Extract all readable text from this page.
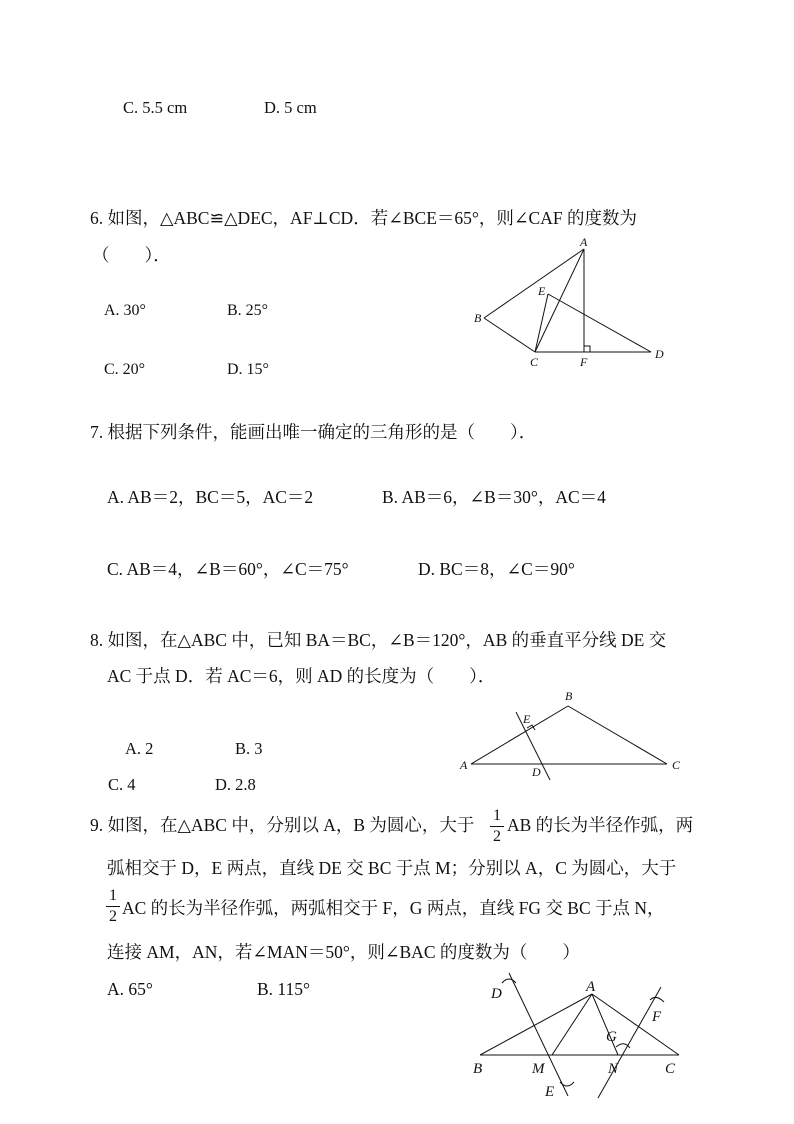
C. 5.5 cm	D. 5 cm
6. 如图，△ABC≌△DEC，AF⊥CD．若∠BCE＝65°，则∠CAF 的度数为
（　　）．
A. 30°	B. 25°
C. 20°	D. 15°
7. 根据下列条件，能画出唯一确定的三角形的是（　　）．
A. AB＝2，BC＝5，AC＝2	B. AB＝6，∠B＝30°，AC＝4
C. AB＝4，∠B＝60°，∠C＝75°	D. BC＝8，∠C＝90°
8. 如图，在△ABC 中，已知 BA＝BC，∠B＝120°，AB 的垂直平分线 DE 交
AC 于点 D．若 AC＝6，则 AD 的长度为（　　）．
A. 2	B. 3
C. 4	D. 2.8
9. 如图，在△ABC 中，分别以 A，B 为圆心，大于 1
2
AB 的长为半径作弧，两
弧相交于 D，E 两点，直线 DE 交 BC 于点 M；分别以 A，C 为圆心，大于
1
2 AC 的长为半径作弧，两弧相交于 F，G 两点，直线 FG 交 BC 于点 N，
连接 AM，AN，若∠MAN＝50°，则∠BAC 的度数为（　　）
A. 65°	B. 115°
A
B
C
D
E
F
A
B
C
D
E
A
B	C
D
E
F
G
M	N
